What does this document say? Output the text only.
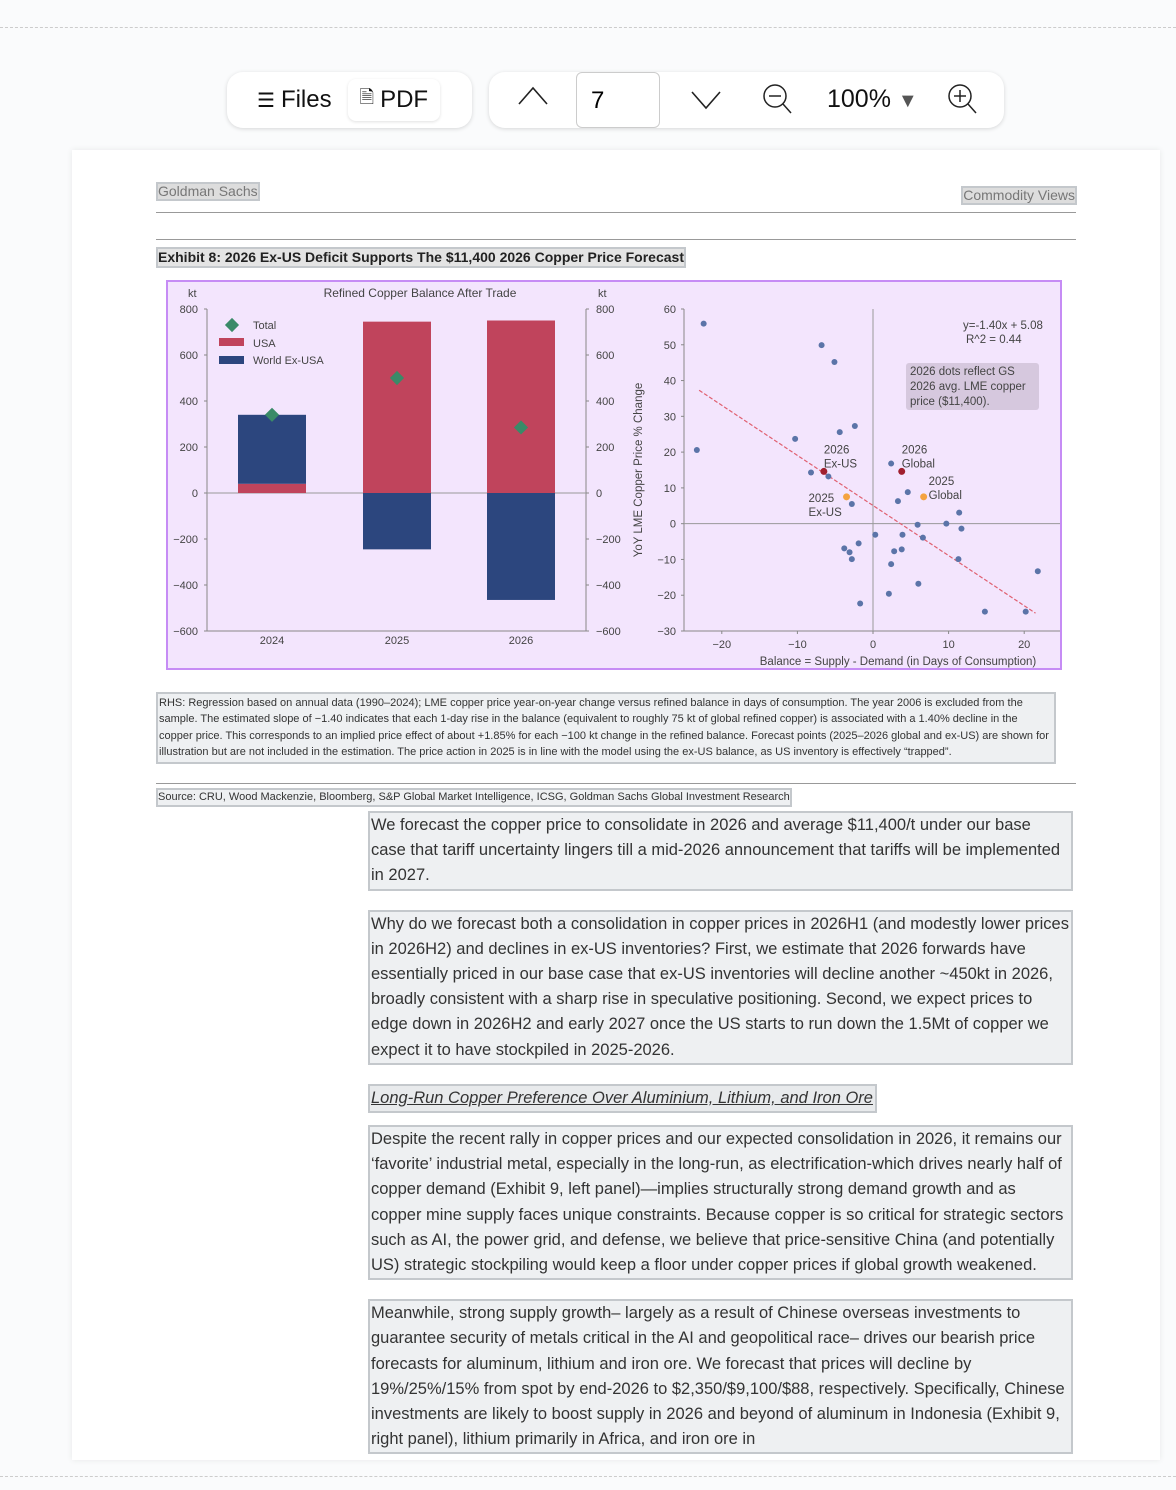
☰ Files 🗎 PDF	7	100% ▼
Goldman Sachs	Commodity Views
Exhibit 8: 2026 Ex-US Deficit Supports The $11,400 2026 Copper Price Forecast
Refined Copper Balance After Trade
kt	kt
800	800
600	600
400	400
200	200
0	0
−200	−200
−400	−400
−600	−600
2024	2025	2026
Total
USA
World Ex-USA
60
50
40
30
20
10
0
−10
−20
−30
−20	−10	0	10	20
Balance = Supply - Demand (in Days of Consumption)
YoY LME Copper Price % Change	2026
Ex-US
2026
Global
2025
Ex-US
2025
Global
y=-1.40x + 5.08
R^2 = 0.44
2026 dots reflect GS
2026 avg. LME copper
price ($11,400).
RHS: Regression based on annual data (1990–2024); LME copper price year-on-year change versus refined balance in days of consumption. The year 2006 is excluded from the sample. The estimated slope of −1.40 indicates that each 1-day rise in the balance (equivalent to roughly 75 kt of global refined copper) is associated with a 1.40% decline in the copper price. This corresponds to an implied price effect of about +1.85% for each −100 kt change in the refined balance. Forecast points (2025–2026 global and ex-US) are shown for illustration but are not included in the estimation. The price action in 2025 is in line with the model using the ex-US balance, as US inventory is effectively “trapped”.
Source: CRU, Wood Mackenzie, Bloomberg, S&P Global Market Intelligence, ICSG, Goldman Sachs Global Investment Research
We forecast the copper price to consolidate in 2026 and average $11,400/t under our base case that tariff uncertainty lingers till a mid-2026 announcement that tariffs will be implemented in 2027.
Why do we forecast both a consolidation in copper prices in 2026H1 (and modestly lower prices in 2026H2) and declines in ex-US inventories? First, we estimate that 2026 forwards have essentially priced in our base case that ex-US inventories will decline another ~450kt in 2026, broadly consistent with a sharp rise in speculative positioning. Second, we expect prices to edge down in 2026H2 and early 2027 once the US starts to run down the 1.5Mt of copper we expect it to have stockpiled in 2025-2026.
Long-Run Copper Preference Over Aluminium, Lithium, and Iron Ore
Despite the recent rally in copper prices and our expected consolidation in 2026, it remains our ‘favorite’ industrial metal, especially in the long-run, as electrification-which drives nearly half of copper demand (Exhibit 9, left panel)—implies structurally strong demand growth and as copper mine supply faces unique constraints. Because copper is so critical for strategic sectors such as AI, the power grid, and defense, we believe that price-sensitive China (and potentially US) strategic stockpiling would keep a floor under copper prices if global growth weakened.
Meanwhile, strong supply growth– largely as a result of Chinese overseas investments to guarantee security of metals critical in the AI and geopolitical race– drives our bearish price forecasts for aluminum, lithium and iron ore. We forecast that prices will decline by 19%/25%/15% from spot by end-2026 to $2,350/$9,100/$88, respectively. Specifically, Chinese investments are likely to boost supply in 2026 and beyond of aluminum in Indonesia (Exhibit 9, right panel), lithium primarily in Africa, and iron ore in
